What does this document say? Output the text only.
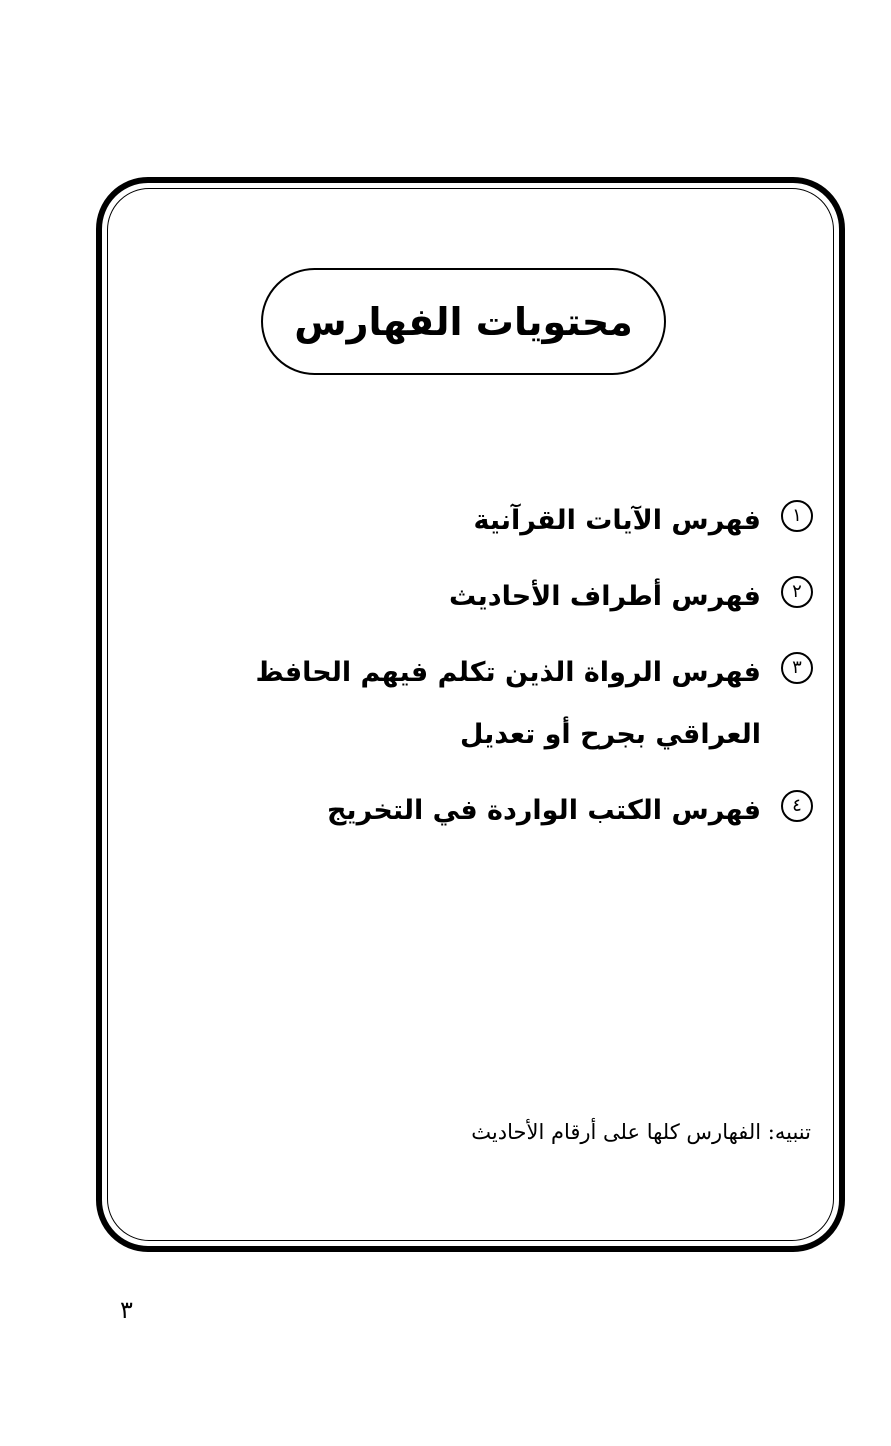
محتويات الفهارس
١
فهرس الآيات القرآنية
٢
فهرس أطراف الأحاديث
٣
فهرس الرواة الذين تكلم فيهم الحافظ العراقي بجرح أو تعديل
٤
فهرس الكتب الواردة في التخريج
تنبيه: الفهارس كلها على أرقام الأحاديث
٣
